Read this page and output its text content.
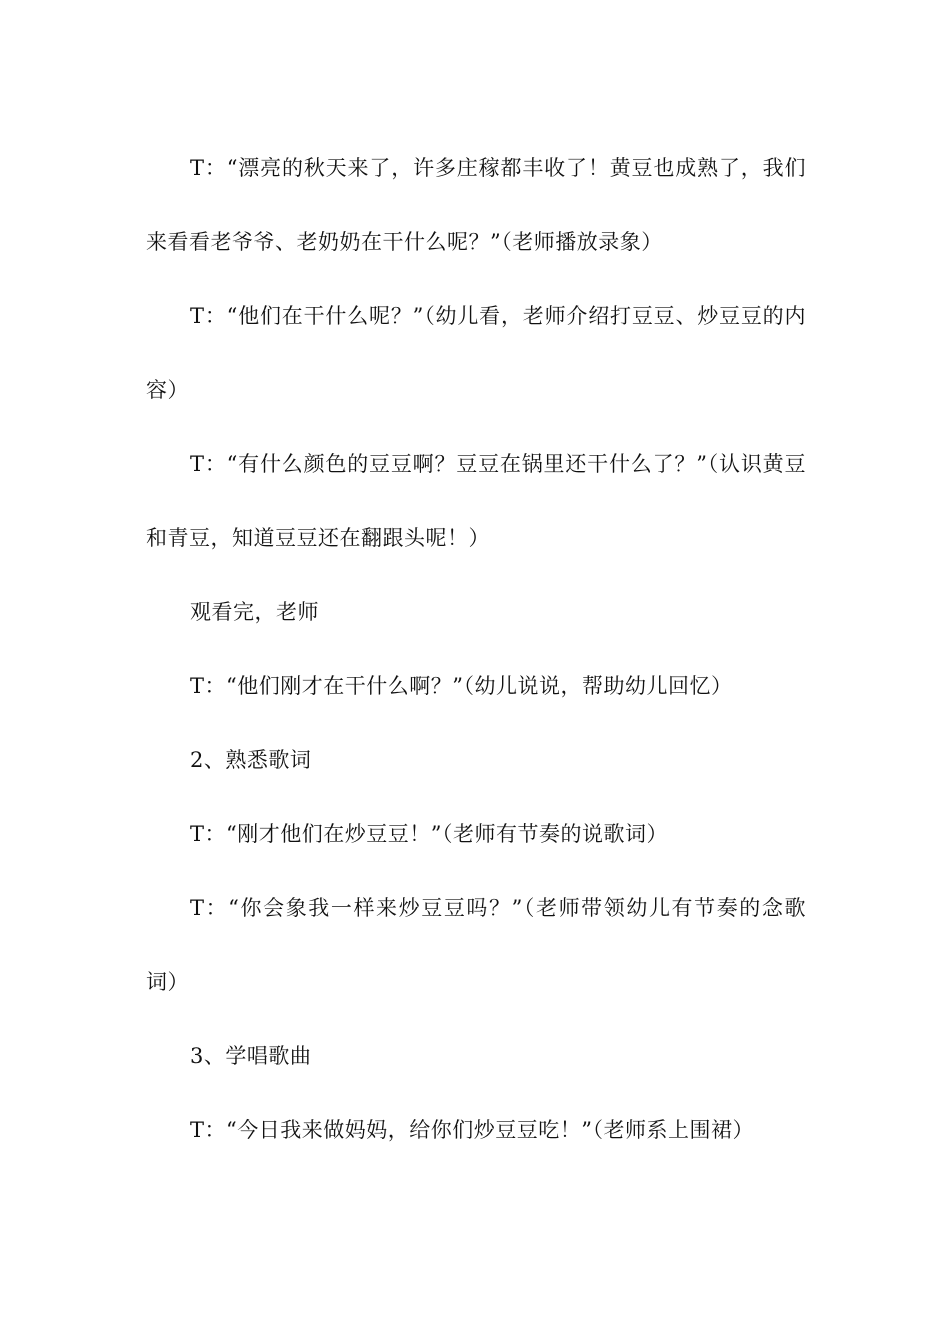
T：“漂亮的秋天来了，许多庄稼都丰收了！黄豆也成熟了，我们来看看老爷爷、老奶奶在干什么呢？”（老师播放录象）

T：“他们在干什么呢？”（幼儿看，老师介绍打豆豆、炒豆豆的内容）

T：“有什么颜色的豆豆啊？豆豆在锅里还干什么了？”（认识黄豆和青豆，知道豆豆还在翻跟头呢！）

观看完，老师

T：“他们刚才在干什么啊？”（幼儿说说，帮助幼儿回忆）

2、熟悉歌词

T：“刚才他们在炒豆豆！”（老师有节奏的说歌词）

T：“你会象我一样来炒豆豆吗？”（老师带领幼儿有节奏的念歌词）

3、学唱歌曲

T：“今日我来做妈妈，给你们炒豆豆吃！”（老师系上围裙）
